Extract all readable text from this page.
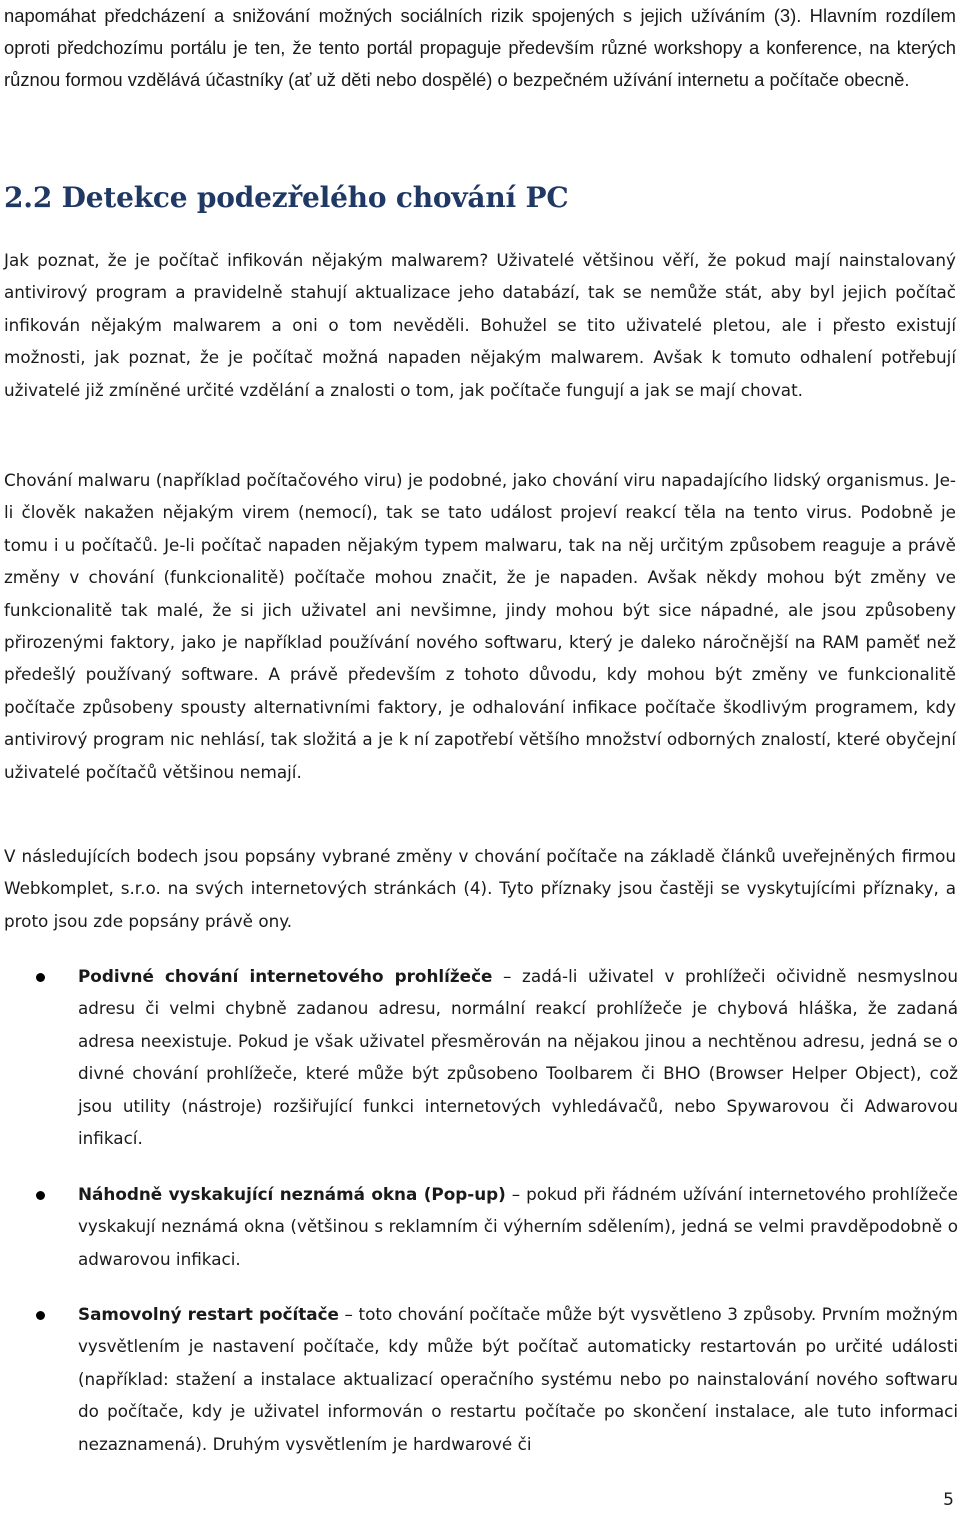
napomáhat předcházení a snižování možných sociálních rizik spojených s jejich užíváním (3). Hlavním rozdílem oproti předchozímu portálu je ten, že tento portál propaguje především různé workshopy a konference, na kterých různou formou vzdělává účastníky (ať už děti nebo dospělé) o bezpečném užívání internetu a počítače obecně.

2.2 Detekce podezřelého chování PC

Jak poznat, že je počítač infikován nějakým malwarem? Uživatelé většinou věří, že pokud mají nainstalovaný antivirový program a pravidelně stahují aktualizace jeho databází, tak se nemůže stát, aby byl jejich počítač infikován nějakým malwarem a oni o tom nevěděli. Bohužel se tito uživatelé pletou, ale i přesto existují možnosti, jak poznat, že je počítač možná napaden nějakým malwarem. Avšak k tomuto odhalení potřebují uživatelé již zmíněné určité vzdělání a znalosti o tom, jak počítače fungují a jak se mají chovat.

Chování malwaru (například počítačového viru) je podobné, jako chování viru napadajícího lidský organismus. Je-li člověk nakažen nějakým virem (nemocí), tak se tato událost projeví reakcí těla na tento virus. Podobně je tomu i u počítačů. Je-li počítač napaden nějakým typem malwaru, tak na něj určitým způsobem reaguje a právě změny v chování (funkcionalitě) počítače mohou značit, že je napaden. Avšak někdy mohou být změny ve funkcionalitě tak malé, že si jich uživatel ani nevšimne, jindy mohou být sice nápadné, ale jsou způsobeny přirozenými faktory, jako je například používání nového softwaru, který je daleko náročnější na RAM paměť než předešlý používaný software. A právě především z tohoto důvodu, kdy mohou být změny ve funkcionalitě počítače způsobeny spousty alternativními faktory, je odhalování infikace počítače škodlivým programem, kdy antivirový program nic nehlásí, tak složitá a je k ní zapotřebí většího množství odborných znalostí, které obyčejní uživatelé počítačů většinou nemají.

V následujících bodech jsou popsány vybrané změny v chování počítače na základě článků uveřejněných firmou Webkomplet, s.r.o. na svých internetových stránkách (4). Tyto příznaky jsou častěji se vyskytujícími příznaky, a proto jsou zde popsány právě ony.

Podivné chování internetového prohlížeče – zadá-li uživatel v prohlížeči očividně nesmyslnou adresu či velmi chybně zadanou adresu, normální reakcí prohlížeče je chybová hláška, že zadaná adresa neexistuje. Pokud je však uživatel přesměrován na nějakou jinou a nechtěnou adresu, jedná se o divné chování prohlížeče, které může být způsobeno Toolbarem či BHO (Browser Helper Object), což jsou utility (nástroje) rozšiřující funkci internetových vyhledávačů, nebo Spywarovou či Adwarovou infikací.

Náhodně vyskakující neznámá okna (Pop-up) – pokud při řádném užívání internetového prohlížeče vyskakují neznámá okna (většinou s reklamním či výherním sdělením), jedná se velmi pravděpodobně o adwarovou infikaci.

Samovolný restart počítače – toto chování počítače může být vysvětleno 3 způsoby. Prvním možným vysvětlením je nastavení počítače, kdy může být počítač automaticky restartován po určité události (například: stažení a instalace aktualizací operačního systému nebo po nainstalování nového softwaru do počítače, kdy je uživatel informován o restartu počítače po skončení instalace, ale tuto informaci nezaznamená). Druhým vysvětlením je hardwarové či

5
